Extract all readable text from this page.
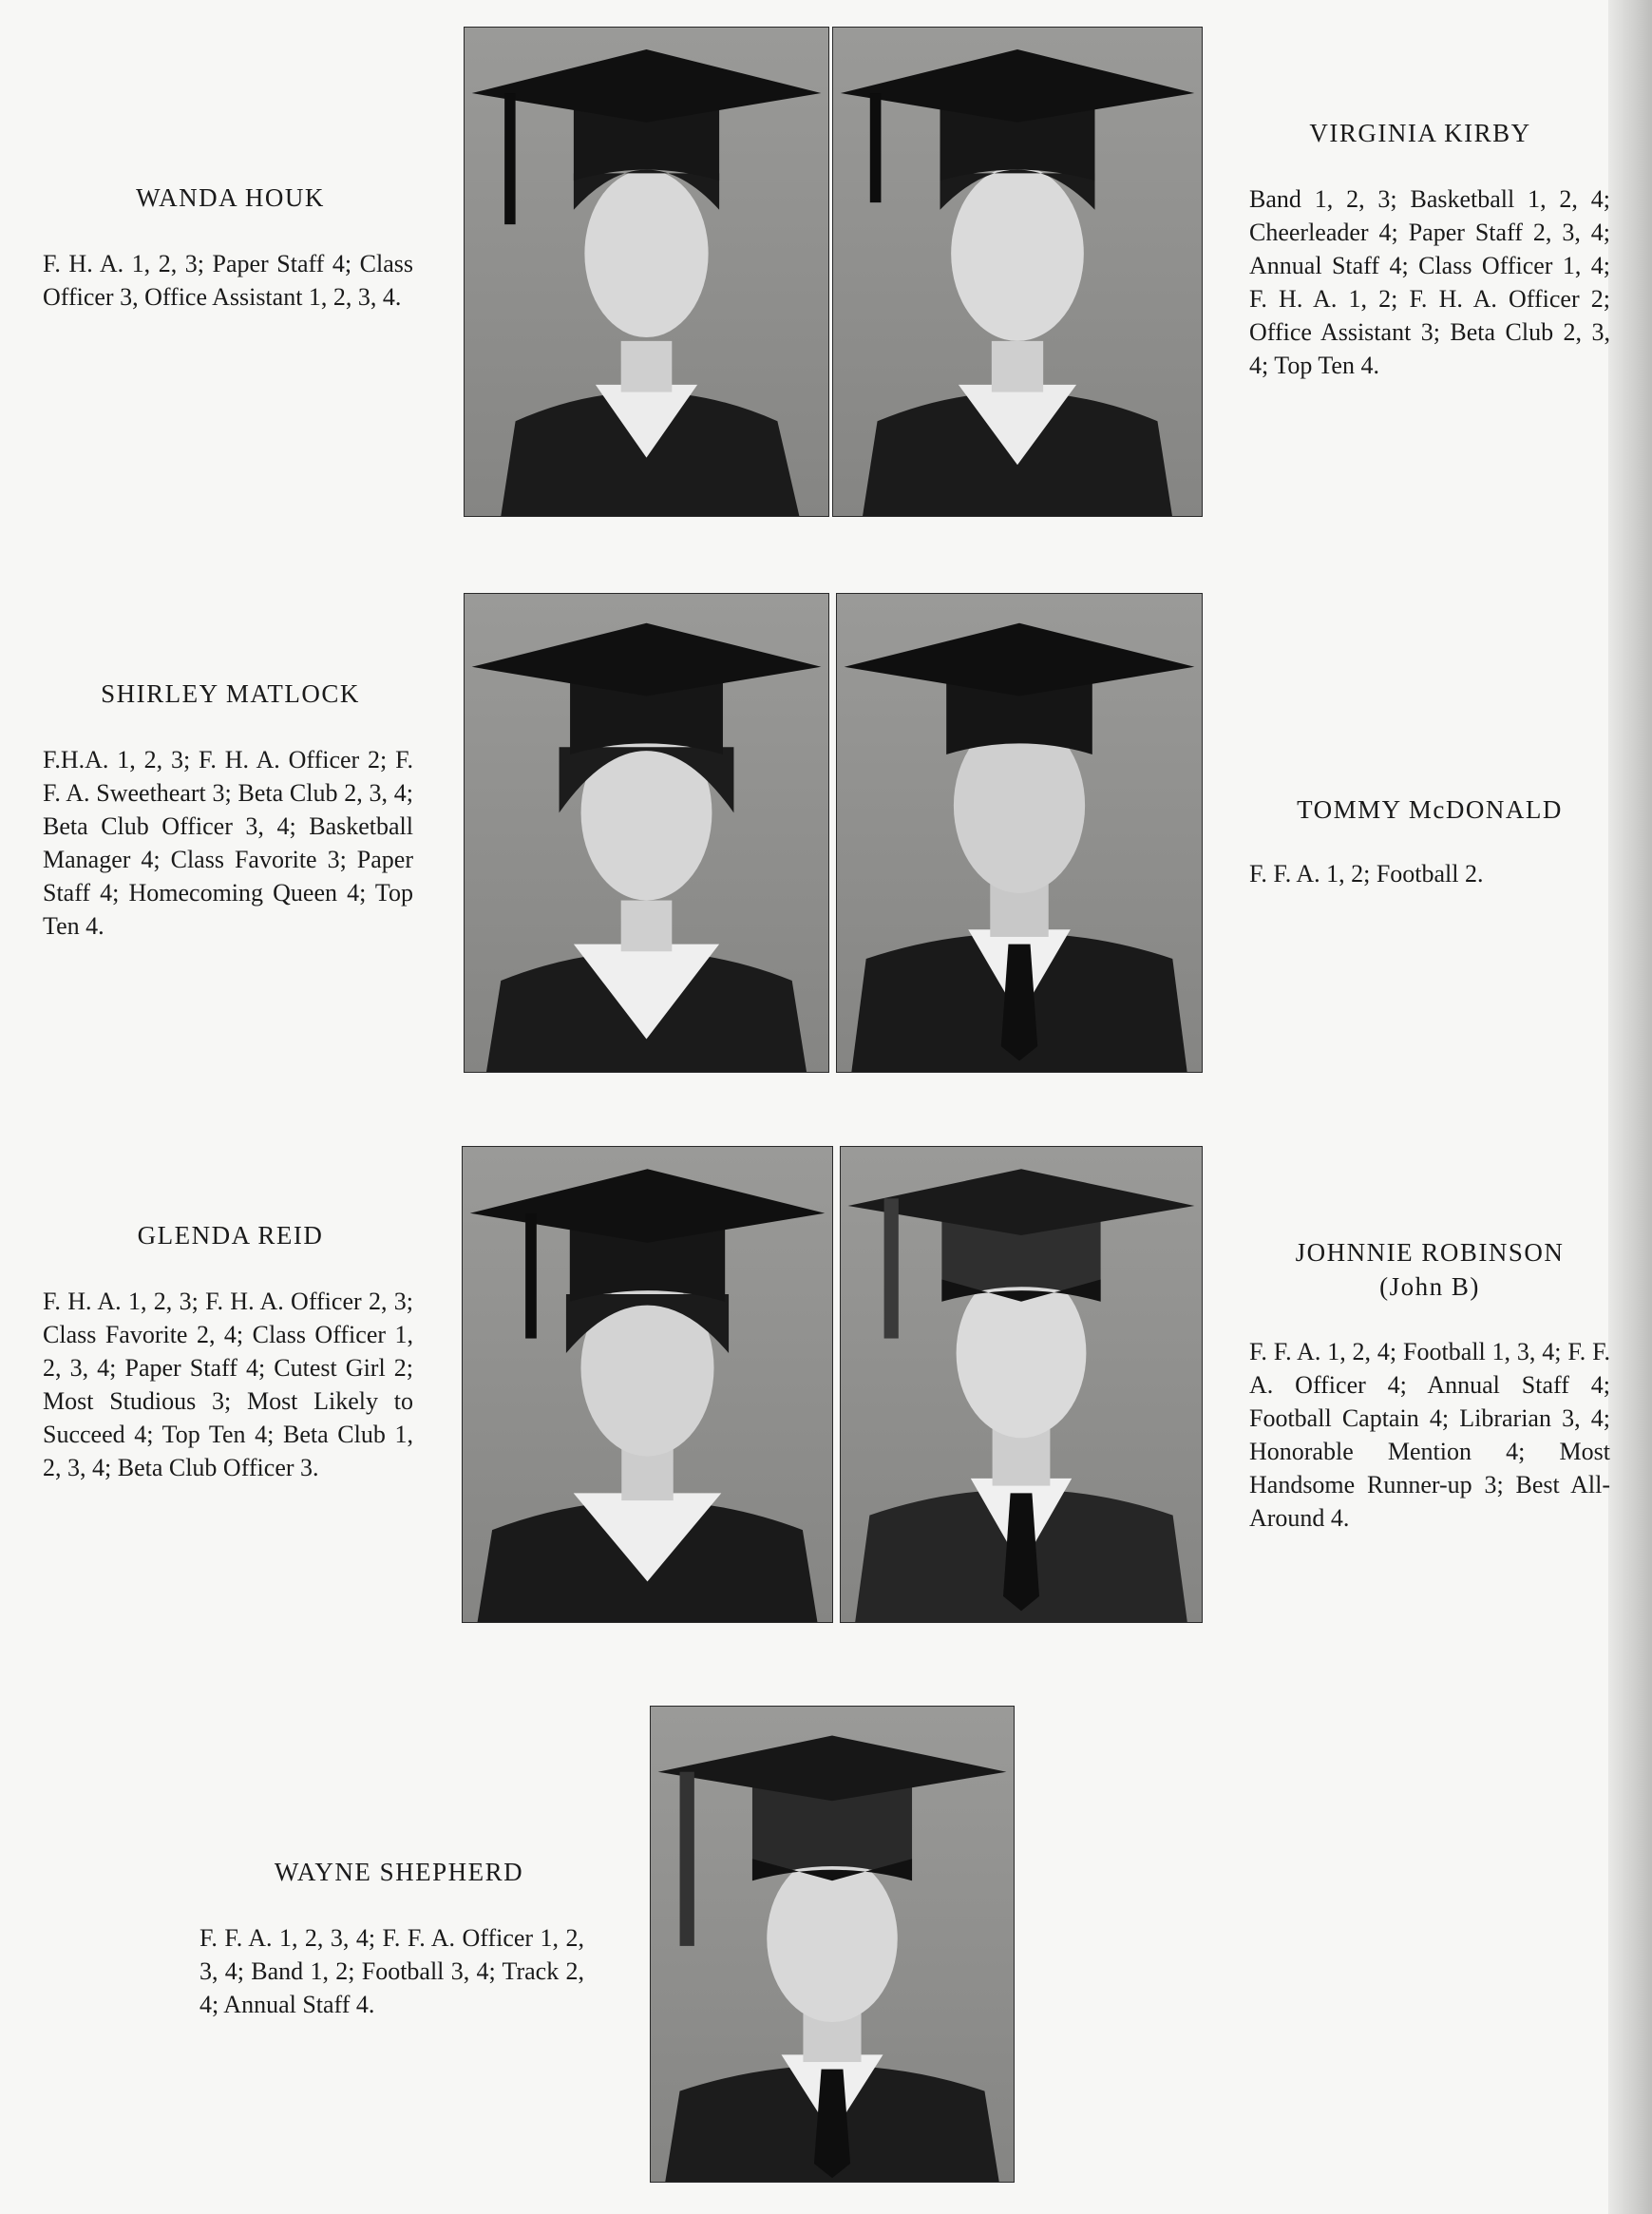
WANDA HOUK
F. H. A. 1, 2, 3; Paper Staff 4; Class Officer 3, Office Assistant 1, 2, 3, 4.
VIRGINIA KIRBY
Band 1, 2, 3; Basketball 1, 2, 4; Cheerleader 4; Paper Staff 2, 3, 4; Annual Staff 4; Class Officer 1, 4; F. H. A. 1, 2; F. H. A. Officer 2; Office Assistant 3; Beta Club 2, 3, 4; Top Ten 4.
SHIRLEY MATLOCK
F.H.A. 1, 2, 3; F. H. A. Officer 2; F. F. A. Sweetheart 3; Beta Club 2, 3, 4; Beta Club Officer 3, 4; Basketball Manager 4; Class Favorite 3; Paper Staff 4; Homecoming Queen 4; Top Ten 4.
TOMMY McDONALD
F. F. A. 1, 2; Football 2.
GLENDA REID
F. H. A. 1, 2, 3; F. H. A. Officer 2, 3; Class Favorite 2, 4; Class Officer 1, 2, 3, 4; Paper Staff 4; Cutest Girl 2; Most Studious 3; Most Likely to Succeed 4; Top Ten 4; Beta Club 1, 2, 3, 4; Beta Club Officer 3.
JOHNNIE ROBINSON
(John B)
F. F. A. 1, 2, 4; Football 1, 3, 4; F. F. A. Officer 4; Annual Staff 4; Football Captain 4; Librarian 3, 4; Honorable Mention 4; Most Handsome Runner-up 3; Best All-Around 4.
WAYNE SHEPHERD
F. F. A. 1, 2, 3, 4; F. F. A. Officer 1, 2, 3, 4; Band 1, 2; Football 3, 4; Track 2, 4; Annual Staff 4.
